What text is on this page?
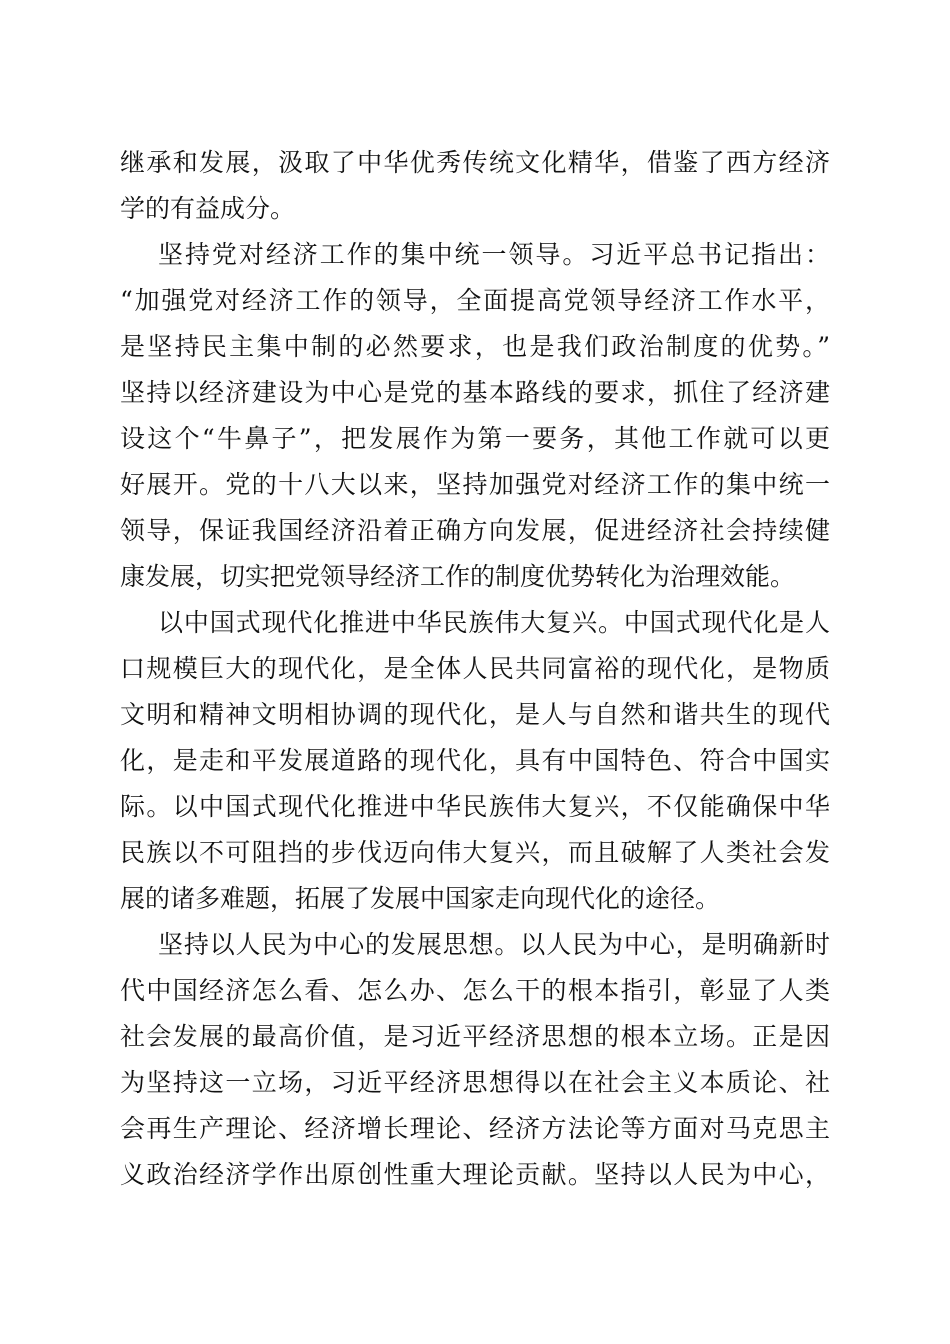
继承和发展，汲取了中华优秀传统文化精华，借鉴了西方经济
学的有益成分。
坚持党对经济工作的集中统一领导。习近平总书记指出：
“加强党对经济工作的领导，全面提高党领导经济工作水平，
是坚持民主集中制的必然要求，也是我们政治制度的优势。”
坚持以经济建设为中心是党的基本路线的要求，抓住了经济建
设这个“牛鼻子”，把发展作为第一要务，其他工作就可以更
好展开。党的十八大以来，坚持加强党对经济工作的集中统一
领导，保证我国经济沿着正确方向发展，促进经济社会持续健
康发展，切实把党领导经济工作的制度优势转化为治理效能。
以中国式现代化推进中华民族伟大复兴。中国式现代化是人
口规模巨大的现代化，是全体人民共同富裕的现代化，是物质
文明和精神文明相协调的现代化，是人与自然和谐共生的现代
化，是走和平发展道路的现代化，具有中国特色、符合中国实
际。以中国式现代化推进中华民族伟大复兴，不仅能确保中华
民族以不可阻挡的步伐迈向伟大复兴，而且破解了人类社会发
展的诸多难题，拓展了发展中国家走向现代化的途径。
坚持以人民为中心的发展思想。以人民为中心，是明确新时
代中国经济怎么看、怎么办、怎么干的根本指引，彰显了人类
社会发展的最高价值，是习近平经济思想的根本立场。正是因
为坚持这一立场，习近平经济思想得以在社会主义本质论、社
会再生产理论、经济增长理论、经济方法论等方面对马克思主
义政治经济学作出原创性重大理论贡献。坚持以人民为中心，
